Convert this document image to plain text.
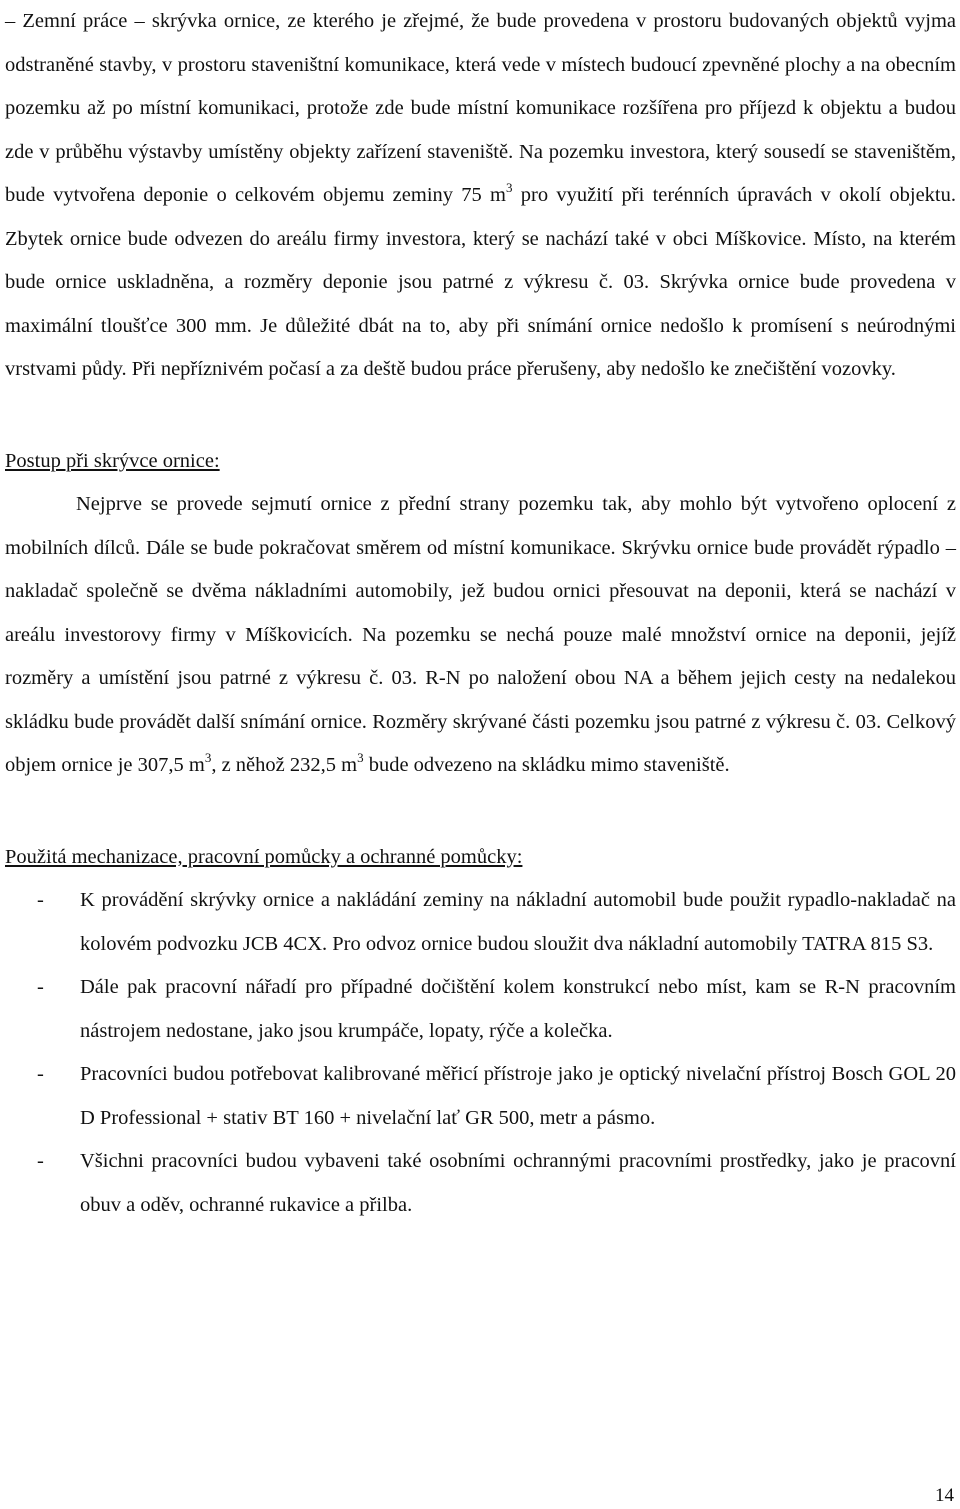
– Zemní práce – skrývka ornice, ze kterého je zřejmé, že bude provedena v prostoru budovaných objektů vyjma odstraněné stavby, v prostoru staveništní komunikace, která vede v místech budoucí zpevněné plochy a na obecním pozemku až po místní komunikaci, protože zde bude místní komunikace rozšířena pro příjezd k objektu a budou zde v průběhu výstavby umístěny objekty zařízení staveniště. Na pozemku investora, který sousedí se staveništěm, bude vytvořena deponie o celkovém objemu zeminy 75 $m^3$ pro využití při terénních úpravách v okolí objektu. Zbytek ornice bude odvezen do areálu firmy investora, který se nachází také v obci Míškovice. Místo, na kterém bude ornice uskladněna, a rozměry deponie jsou patrné z výkresu č. 03. Skrývka ornice bude provedena v maximální tloušťce 300 mm. Je důležité dbát na to, aby při snímání ornice nedošlo k promísení s neúrodnými vrstvami půdy. Při nepříznivém počasí a za deště budou práce přerušeny, aby nedošlo ke znečištění vozovky.

Postup při skrývce ornice:

Nejprve se provede sejmutí ornice z přední strany pozemku tak, aby mohlo být vytvořeno oplocení z mobilních dílců. Dále se bude pokračovat směrem od místní komunikace. Skrývku ornice bude provádět rýpadlo – nakladač společně se dvěma nákladními automobily, jež budou ornici přesouvat na deponii, která se nachází v areálu investorovy firmy v Míškovicích. Na pozemku se nechá pouze malé množství ornice na deponii, jejíž rozměry a umístění jsou patrné z výkresu č. 03. R-N po naložení obou NA a během jejich cesty na nedalekou skládku bude provádět další snímání ornice. Rozměry skrývané části pozemku jsou patrné z výkresu č. 03. Celkový objem ornice je 307,5 $m^3$, z něhož 232,5 $m^3$ bude odvezeno na skládku mimo staveniště.

Použitá mechanizace, pracovní pomůcky a ochranné pomůcky:

- K provádění skrývky ornice a nakládání zeminy na nákladní automobil bude použit rypadlo-nakladač na kolovém podvozku JCB 4CX. Pro odvoz ornice budou sloužit dva nákladní automobily TATRA 815 S3.
- Dále pak pracovní nářadí pro případné dočištění kolem konstrukcí nebo míst, kam se R-N pracovním nástrojem nedostane, jako jsou krumpáče, lopaty, rýče a kolečka.
- Pracovníci budou potřebovat kalibrované měřicí přístroje jako je optický nivelační přístroj Bosch GOL 20 D Professional + stativ BT 160 + nivelační lať GR 500, metr a pásmo.
- Všichni pracovníci budou vybaveni také osobními ochrannými pracovními prostředky, jako je pracovní obuv a oděv, ochranné rukavice a přilba.
14
